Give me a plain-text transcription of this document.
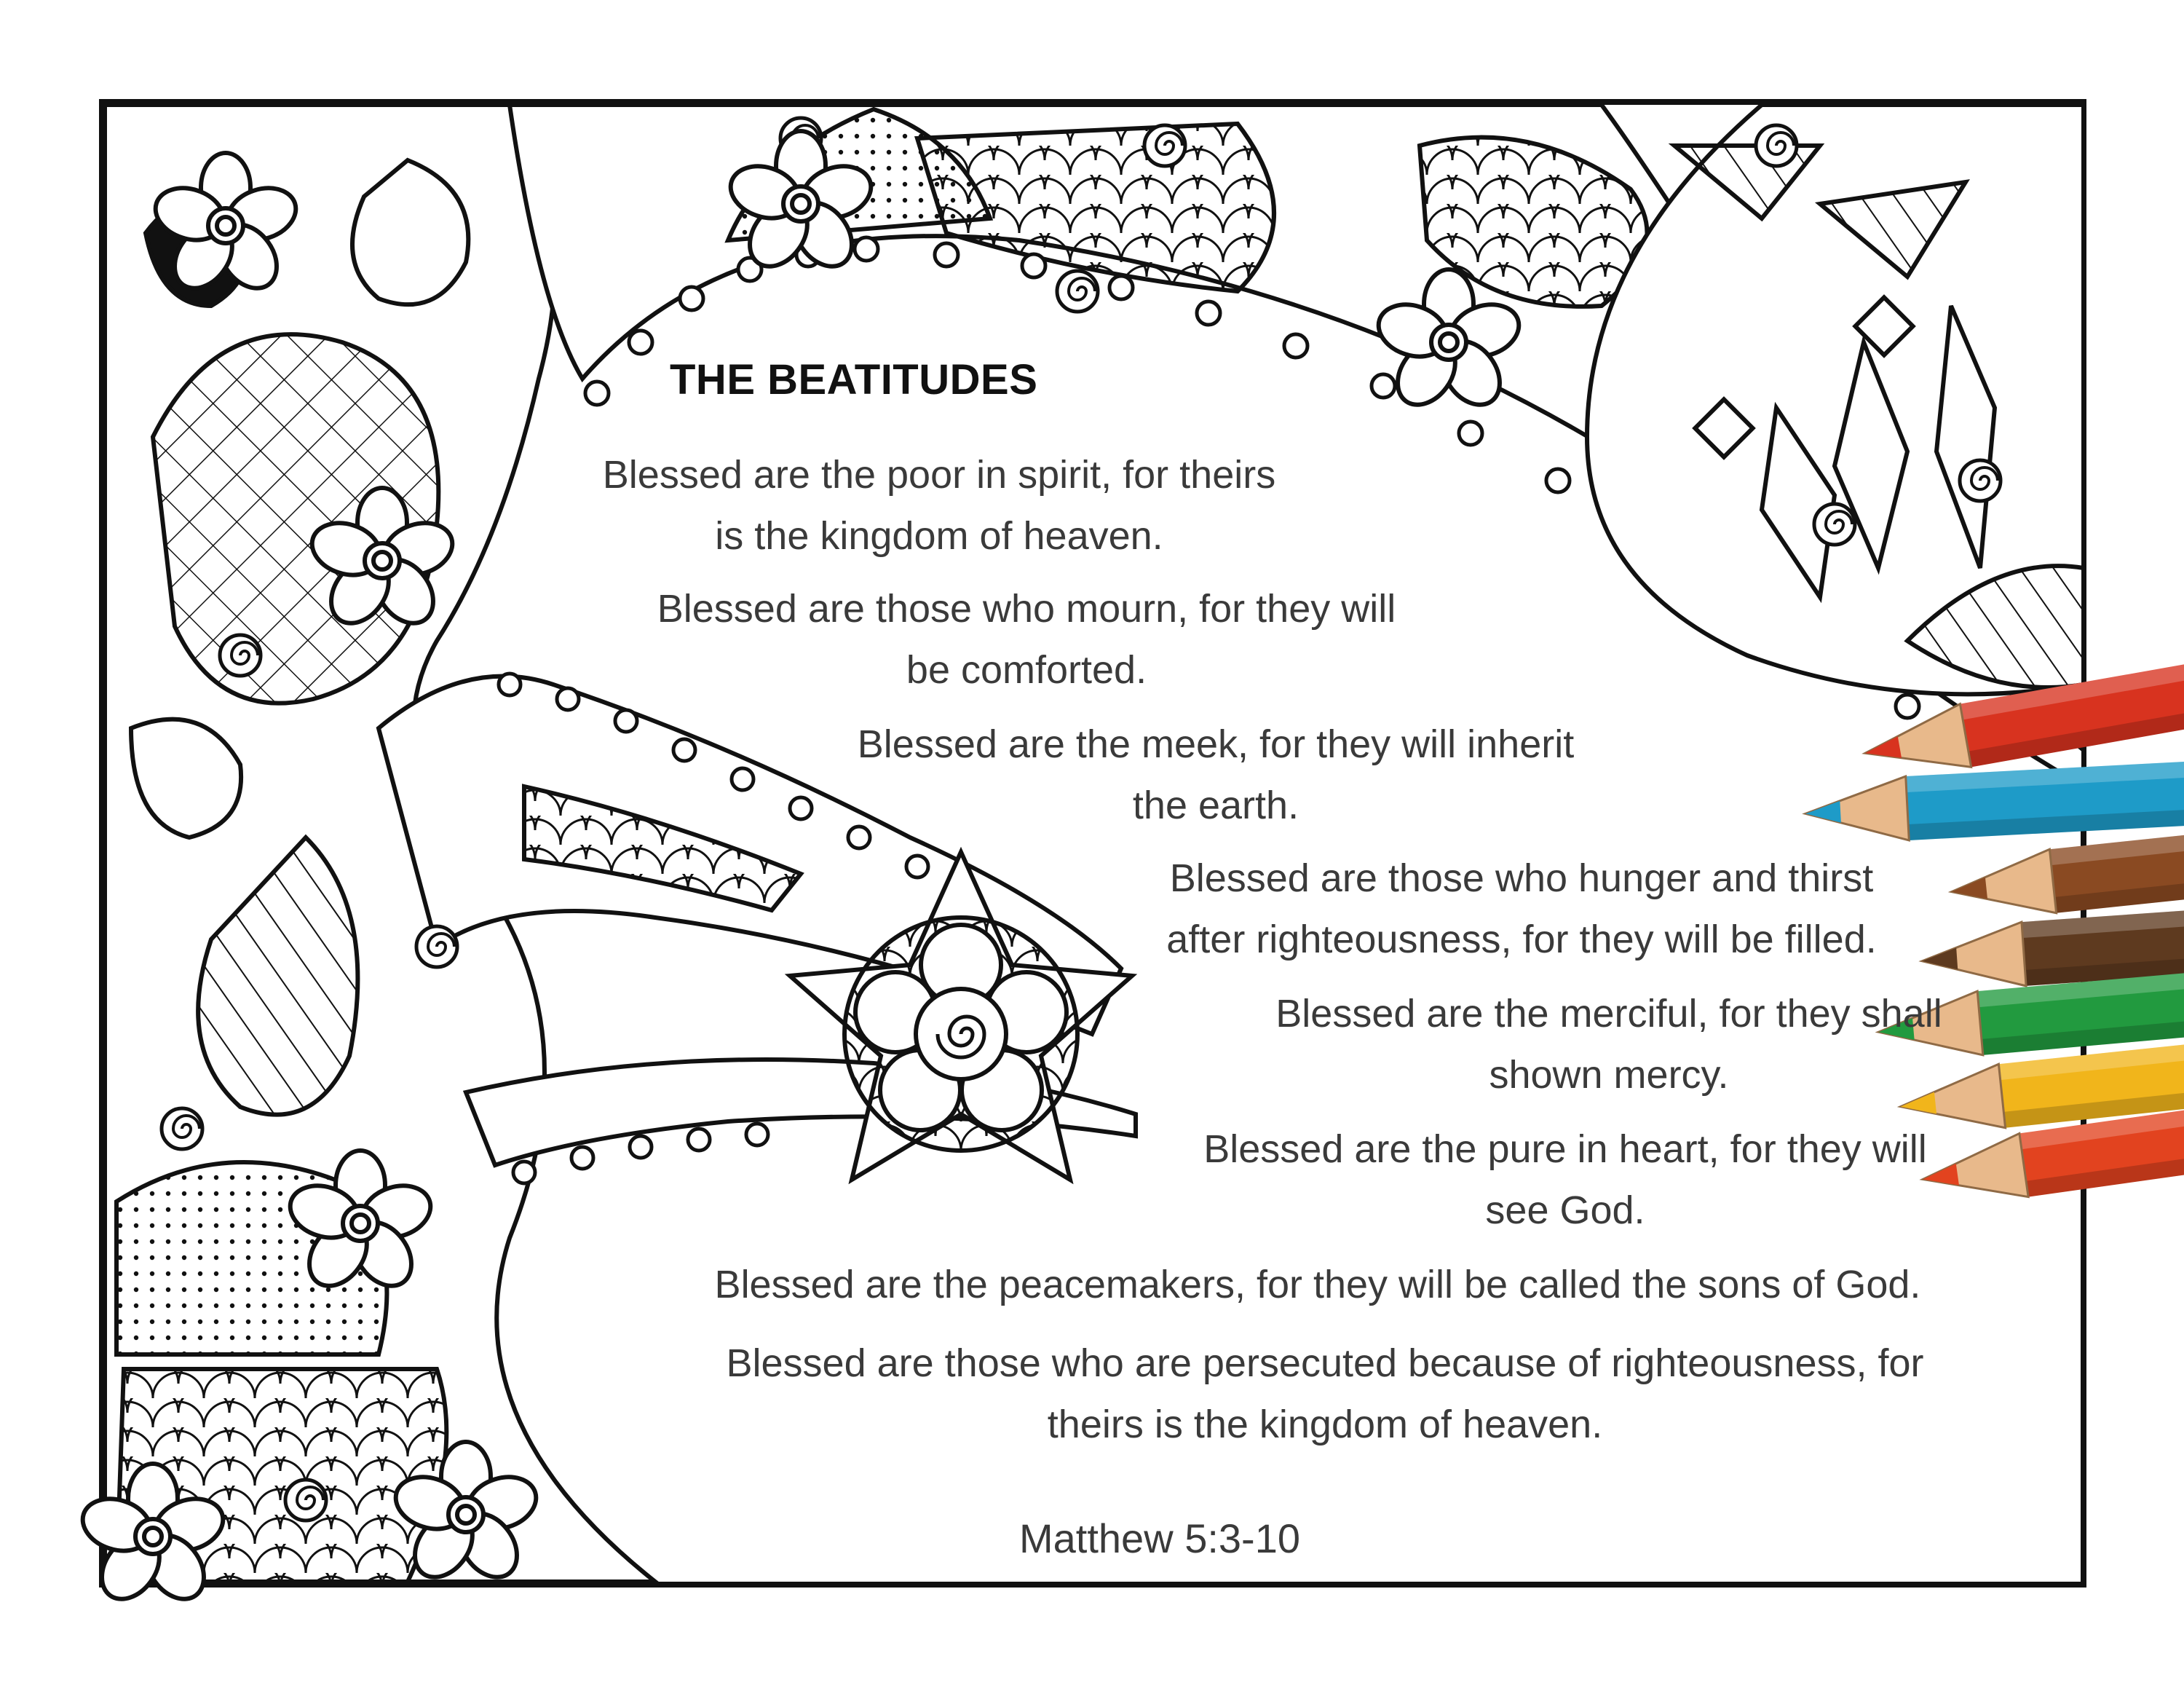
THE BEATITUDES
Blessed are the poor in spirit, for theirs
is the kingdom of heaven.
Blessed are those who mourn, for they will
be comforted.
Blessed are the meek, for they will inherit
the earth.
Blessed are those who hunger and thirst
after righteousness, for they will be filled.
Blessed are the merciful, for they shall
shown mercy.
Blessed are the pure in heart, for they will
see God.
Blessed are the peacemakers, for they will be called the sons of God.
Blessed are those who are persecuted because of righteousness, for
theirs is the kingdom of heaven.
Matthew 5:3-10
